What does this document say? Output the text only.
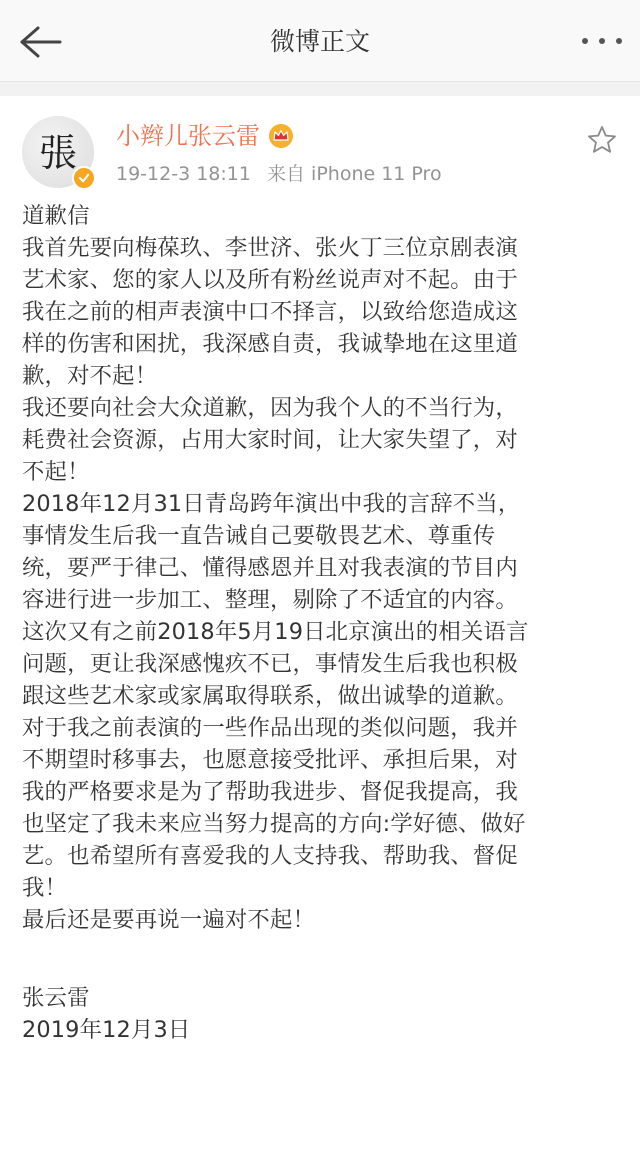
微博正文
張 小辫儿张云雷
19-12-3 18:11 来自 iPhone 11 Pro
道歉信
我首先要向梅葆玖、李世济、张火丁三位京剧表演
艺术家、您的家人以及所有粉丝说声对不起。由于
我在之前的相声表演中口不择言，以致给您造成这
样的伤害和困扰，我深感自责，我诚挚地在这里道
歉，对不起！
我还要向社会大众道歉，因为我个人的不当行为，
耗费社会资源，占用大家时间，让大家失望了，对
不起！
2018年12月31日青岛跨年演出中我的言辞不当，
事情发生后我一直告诫自己要敬畏艺术、尊重传
统，要严于律己、懂得感恩并且对我表演的节目内
容进行进一步加工、整理，剔除了不适宜的内容。
这次又有之前2018年5月19日北京演出的相关语言
问题，更让我深感愧疚不已，事情发生后我也积极
跟这些艺术家或家属取得联系，做出诚挚的道歉。
对于我之前表演的一些作品出现的类似问题，我并
不期望时移事去，也愿意接受批评、承担后果，对
我的严格要求是为了帮助我进步、督促我提高，我
也坚定了我未来应当努力提高的方向:学好德、做好
艺。也希望所有喜爱我的人支持我、帮助我、督促
我！
最后还是要再说一遍对不起！
张云雷
2019年12月3日
